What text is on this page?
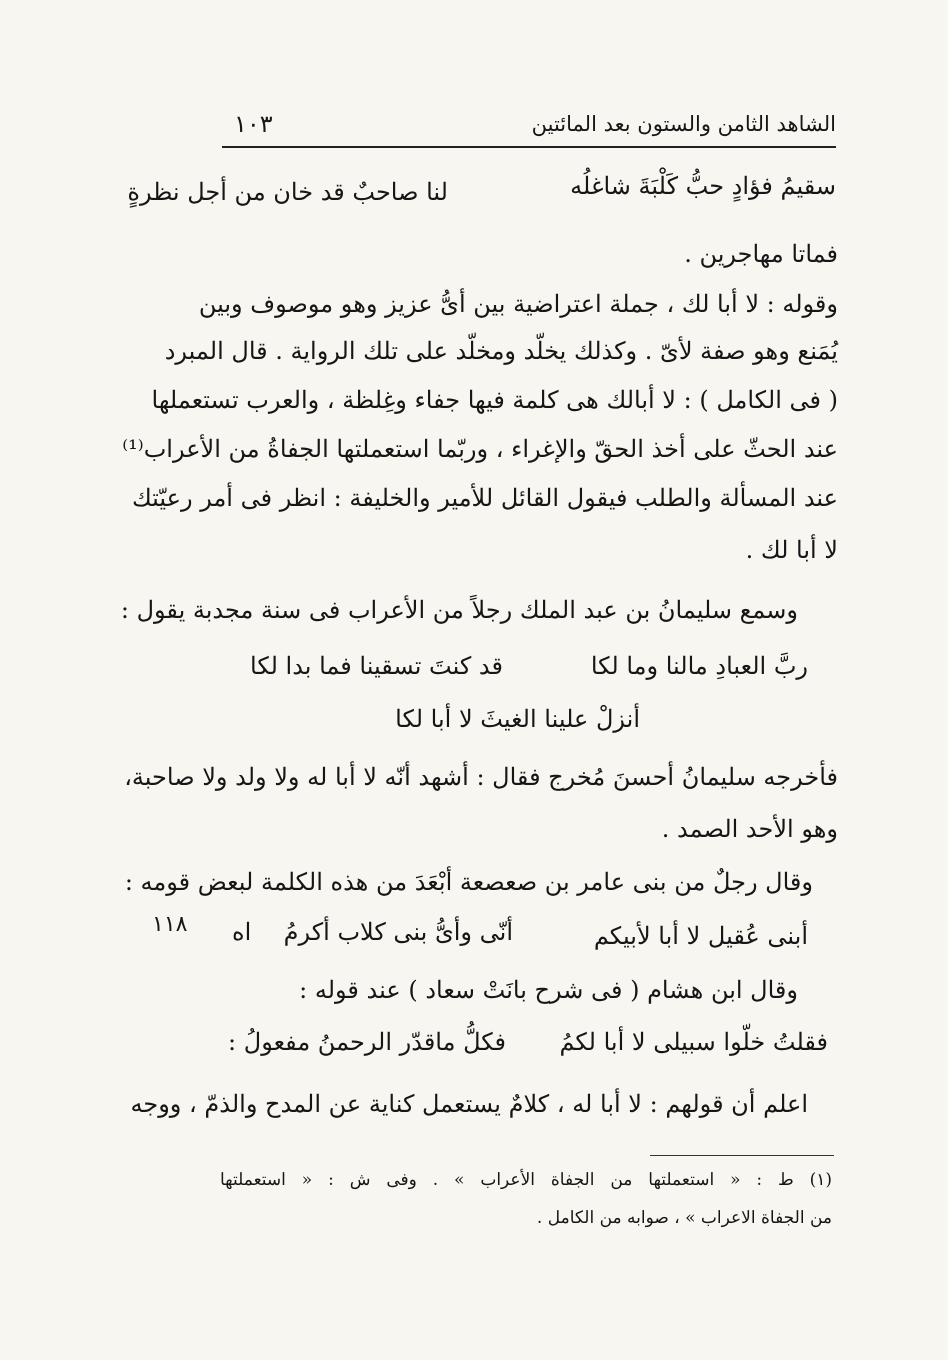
الشاهد الثامن والستون بعد المائتين
١٠٣
لنا صاحبٌ قد خان من أجل نظرةٍ	سقيمُ فؤادٍ حبُّ كَلْبَةَ شاغلُه
فماتا مهاجرين .
وقوله : لا أبا لك ، جملة اعتراضية بين أىُّ عزيز وهو موصوف وبين
يُمَنع وهو صفة لأىّ . وكذلك يخلّد ومخلّد على تلك الرواية . قال المبرد
( فى الكامل ) : لا أبالك هى كلمة فيها جفاء وغِلظة ، والعرب تستعملها
عند الحثّ على أخذ الحقّ والإغراء ، وربّما استعملتها الجفاةُ من الأعراب⁽¹⁾
عند المسألة والطلب فيقول القائل للأمير والخليفة : انظر فى أمر رعيّتك
لا أبا لك .
وسمع سليمانُ بن عبد الملك رجلاً من الأعراب فى سنة مجدبة يقول :
ربَّ العبادِ مالنا وما لكا
قد كنتَ تسقينا فما بدا لكا
أنزلْ علينا الغيثَ لا أبا لكا
فأخرجه سليمانُ أحسنَ مُخرج فقال : أشهد أنّه لا أبا له ولا ولد ولا صاحبة،
وهو الأحد الصمد .
وقال رجلٌ من بنى عامر بن صعصعة أبْعَدَ من هذه الكلمة لبعض قومه :
أبنى عُقيل لا أبا لأبيكم
أنّى وأىُّ بنى كلاب أكرمُ
اه
١١٨
وقال ابن هشام ( فى شرح بانَتْ سعاد ) عند قوله :
فقلتُ خلّوا سبيلى لا أبا لكمُ
فكلُّ ماقدّر الرحمنُ مفعولُ :
اعلم أن قولهم : لا أبا له ، كلامٌ يستعمل كناية عن المدح والذمّ ، ووجه
(١) ط : « استعملتها من الجفاة الأعراب » . وفى ش : « استعملتها
من الجفاة الاعراب » ، صوابه من الكامل .
